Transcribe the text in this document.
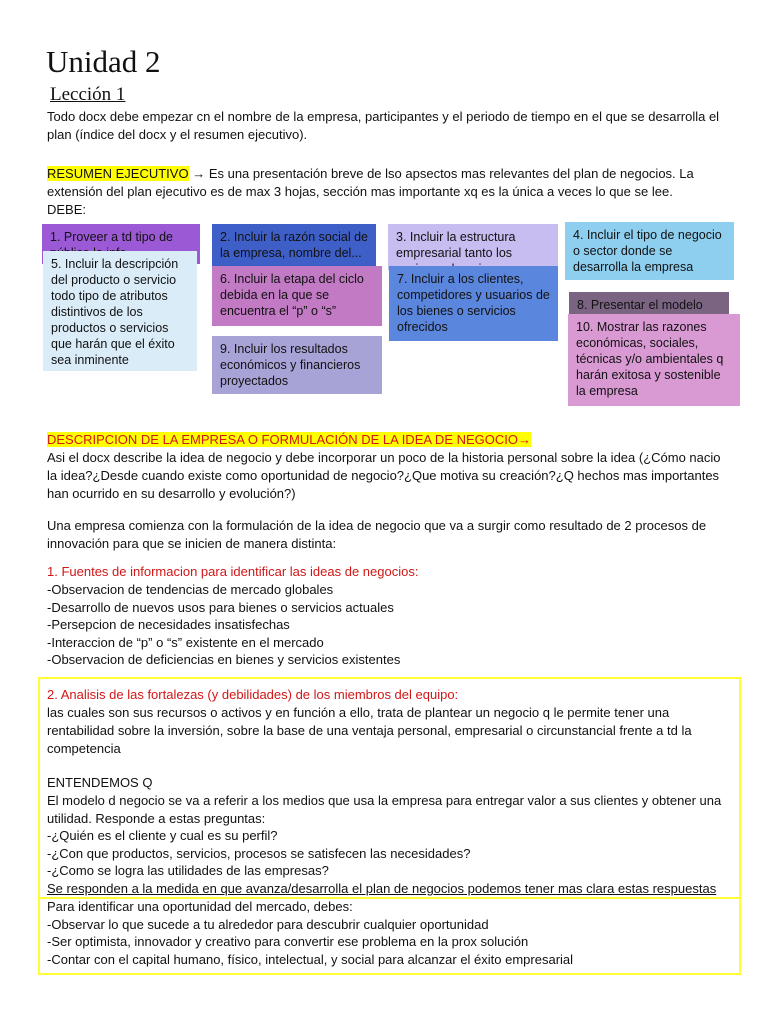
Unidad 2
Lección 1
Todo docx debe empezar cn el nombre de la empresa, participantes y el periodo de tiempo en el que se desarrolla el plan (índice del docx y el resumen ejecutivo).
RESUMEN EJECUTIVO → Es una presentación breve de lso apsectos mas relevantes del plan de negocios. La extensión del plan ejecutivo es de max 3 hojas, sección mas importante xq es la única a veces lo que se lee.
DEBE:
1. Proveer a td tipo de	2. Incluir la razón social de la empresa, nombre del...
3. Incluir la estructura empresarial tanto los
4. Incluir el tipo de negocio o sector donde se desarrolla la empresa
5. Incluir la descripción del producto o servicio todo tipo de atributos distintivos de los productos o servicios que harán que el éxito sea inminente
6. Incluir la etapa del ciclo debida en la que se encuentra el “p” o “s”
7. Incluir a los clientes, competidores y usuarios de los bienes o servicios ofrecidos
8. Presentar el modelo
10. Mostrar las razones económicas, sociales, técnicas y/o ambientales q harán exitosa y sostenible la empresa
9. Incluir los resultados económicos y financieros proyectados
DESCRIPCION DE LA EMPRESA O FORMULACIÓN DE LA IDEA DE NEGOCIO→
Asi el docx describe la idea de negocio y debe incorporar un poco de la historia personal sobre la idea (¿Cómo nacio la idea?¿Desde cuando existe como oportunidad de negocio?¿Que motiva su creación?¿Q hechos mas importantes han ocurrido en su desarrollo y evolución?)
Una empresa comienza con la formulación de la idea de negocio que va a surgir como resultado de 2 procesos de innovación para que se inicien de manera distinta:
1. Fuentes de informacion para identificar las ideas de negocios:
-Observacion de tendencias de mercado globales
-Desarrollo de nuevos usos para bienes o servicios actuales
-Persepcion de necesidades insatisfechas
-Interaccion de “p” o “s” existente en el mercado
-Observacion de deficiencias en bienes y servicios existentes
2. Analisis de las fortalezas (y debilidades) de los miembros del equipo:
las cuales son sus recursos o activos y en función a ello, trata de plantear un negocio q le permite tener una rentabilidad sobre la inversión, sobre la base de una ventaja personal, empresarial o circunstancial frente a td la competencia
ENTENDEMOS Q
El modelo d negocio se va a referir a los medios que usa la empresa para entregar valor a sus clientes y obtener una utilidad. Responde a estas preguntas:
-¿Quién es el cliente y cual es su perfil?
-¿Con que productos, servicios, procesos se satisfecen las necesidades?
-¿Como se logra las utilidades de las empresas?
Se responden a la medida en que avanza/desarrolla el plan de negocios podemos tener mas clara estas respuestas
Para identificar una oportunidad del mercado, debes:
-Observar lo que sucede a tu alrededor para descubrir cualquier oportunidad
-Ser optimista, innovador y creativo para convertir ese problema en la prox solución
-Contar con el capital humano, físico, intelectual, y social para alcanzar el éxito empresarial
